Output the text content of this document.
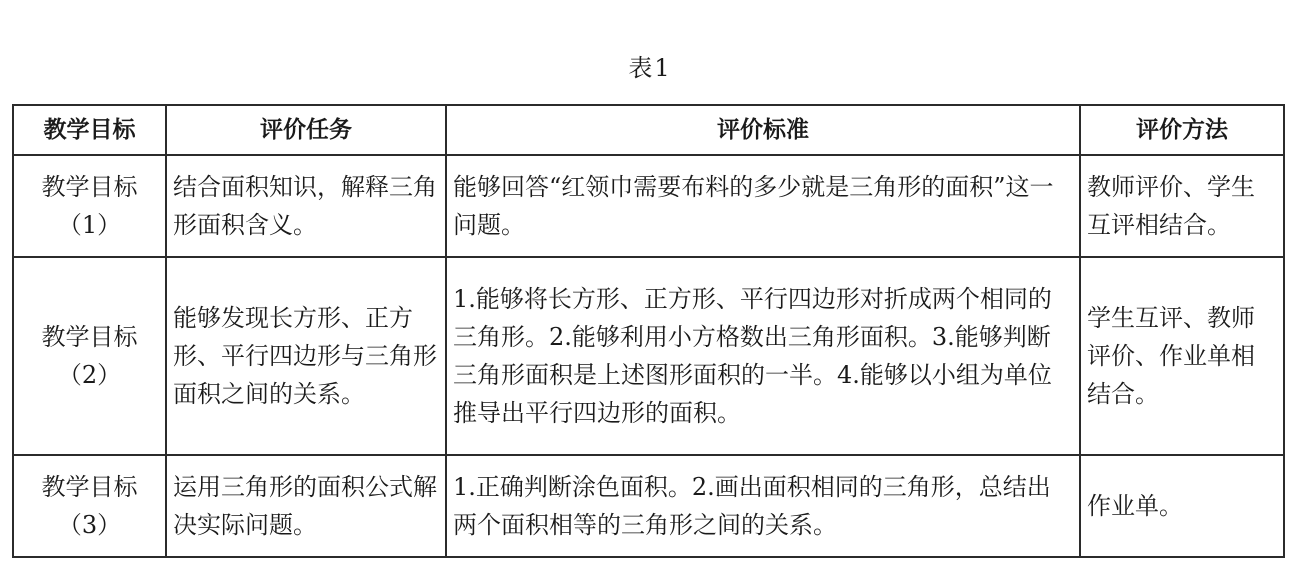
表1
教学目标	评价任务	评价标准	评价方法

教学目标
（1）	结合面积知识，解释三角形面积含义。	能够回答“红领巾需要布料的多少就是三角形的面积”这一问题。	教师评价、学生互评相结合。

教学目标
（2）	能够发现长方形、正方形、平行四边形与三角形面积之间的关系。	1.能够将长方形、正方形、平行四边形对折成两个相同的三角形。2.能够利用小方格数出三角形面积。3.能够判断三角形面积是上述图形面积的一半。4.能够以小组为单位推导出平行四边形的面积。	学生互评、教师评价、作业单相结合。

教学目标
（3）	运用三角形的面积公式解决实际问题。	1.正确判断涂色面积。2.画出面积相同的三角形，总结出两个面积相等的三角形之间的关系。	作业单。
